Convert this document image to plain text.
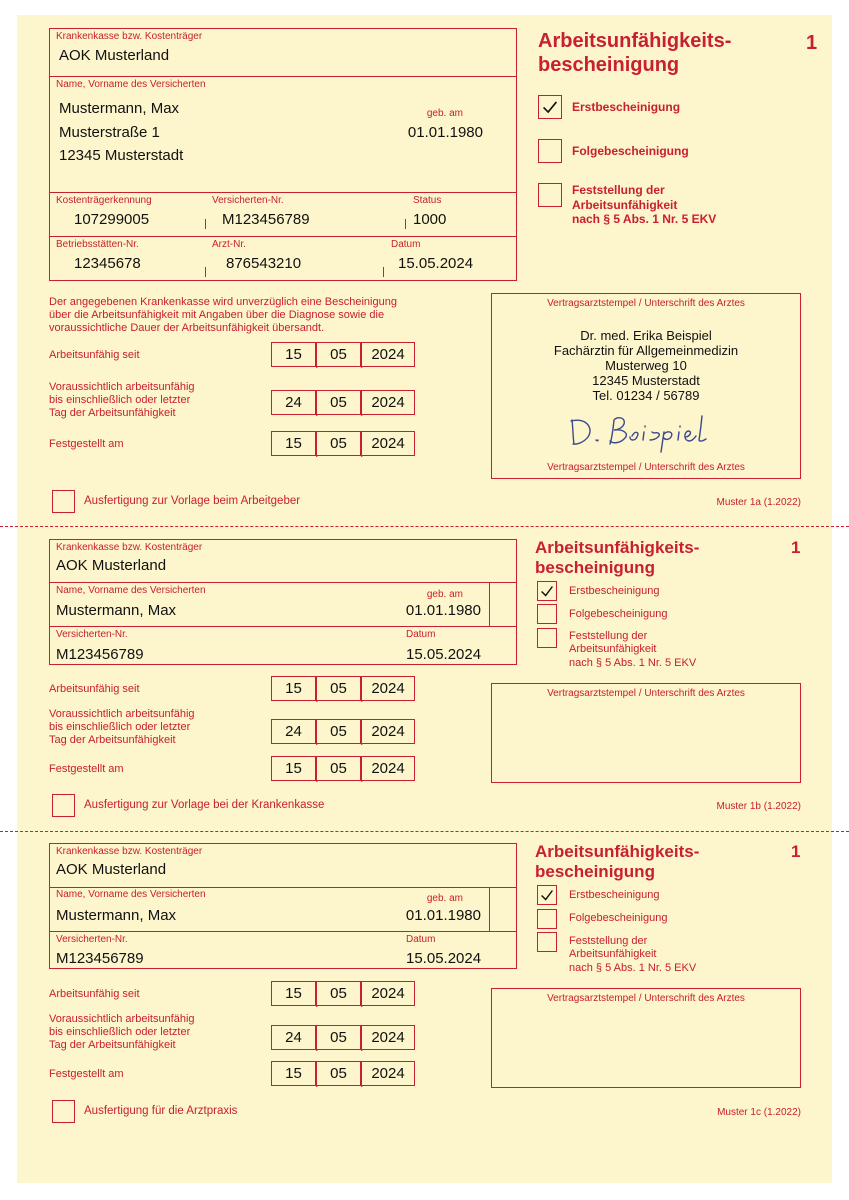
Krankenkasse bzw. Kostenträger
AOK Musterland
Name, Vorname des Versicherten
Mustermann, Max
Musterstraße 1
12345 Musterstadt
geb. am
01.01.1980
Kostenträgerkennung
107299005
Versicherten-Nr.
M123456789
Status
1000
Betriebsstätten-Nr.
12345678
Arzt-Nr.
876543210
Datum
15.05.2024
Arbeitsunfähigkeits-
bescheinigung
1
Erstbescheinigung
Folgebescheinigung
Feststellung der
Arbeitsunfähigkeit
nach § 5 Abs. 1 Nr. 5 EKV
Der angegebenen Krankenkasse wird unverzüglich eine Bescheinigung
über die Arbeitsunfähigkeit mit Angaben über die Diagnose sowie die
voraussichtliche Dauer der Arbeitsunfähigkeit übersandt.
Arbeitsunfähig seit	15	05	2024
Voraussichtlich arbeitsunfähig
bis einschließlich oder letzter
Tag der Arbeitsunfähigkeit
24	05	2024
Festgestellt am	15	05	2024
Vertragsarztstempel / Unterschrift des Arztes
Dr. med. Erika Beispiel
Fachärztin für Allgemeinmedizin
Musterweg 10
12345 Musterstadt
Tel. 01234 / 56789
Vertragsarztstempel / Unterschrift des Arztes
Ausfertigung zur Vorlage beim Arbeitgeber	Muster 1a (1.2022)
Krankenkasse bzw. Kostenträger
AOK Musterland
Name, Vorname des Versicherten
Mustermann, Max
geb. am
01.01.1980
Versicherten-Nr.
M123456789
Datum
15.05.2024
Arbeitsunfähigkeits-
bescheinigung
1
Erstbescheinigung
Folgebescheinigung
Feststellung der
Arbeitsunfähigkeit
nach § 5 Abs. 1 Nr. 5 EKV
Arbeitsunfähig seit	15	05	2024
Voraussichtlich arbeitsunfähig
bis einschließlich oder letzter
Tag der Arbeitsunfähigkeit	24	05	2024
Festgestellt am	15	05	2024
Vertragsarztstempel / Unterschrift des Arztes
Ausfertigung zur Vorlage bei der Krankenkasse	Muster 1b (1.2022)
Krankenkasse bzw. Kostenträger
AOK Musterland
Name, Vorname des Versicherten
Mustermann, Max
geb. am
01.01.1980
Versicherten-Nr.
M123456789
Datum
15.05.2024
Arbeitsunfähigkeits-
bescheinigung
1
Erstbescheinigung
Folgebescheinigung
Feststellung der
Arbeitsunfähigkeit
nach § 5 Abs. 1 Nr. 5 EKV
Arbeitsunfähig seit	15	05	2024
Voraussichtlich arbeitsunfähig
bis einschließlich oder letzter
Tag der Arbeitsunfähigkeit	24	05	2024
Festgestellt am	15	05	2024
Vertragsarztstempel / Unterschrift des Arztes
Ausfertigung für die Arztpraxis	Muster 1c (1.2022)
